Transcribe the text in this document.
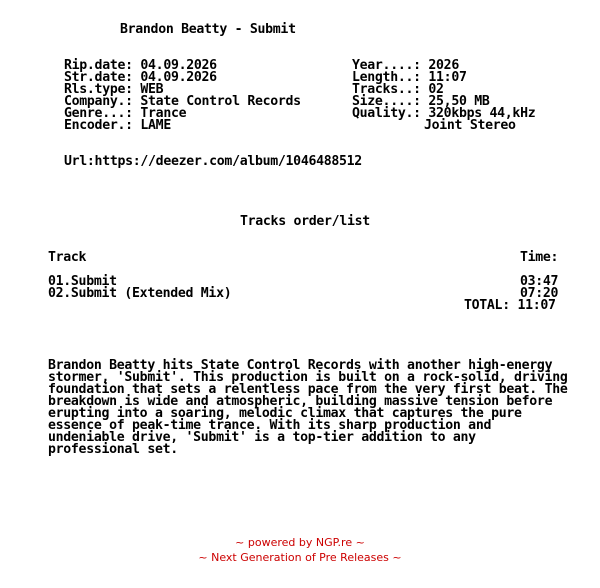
Brandon Beatty - Submit
Rip.date: 04.09.2026
Str.date: 04.09.2026
Rls.type: WEB
Company.: State Control Records
Genre...: Trance
Encoder.: LAME
Year....: 2026
Length..: 11:07
Tracks..: 02
Size....: 25,50 MB
Quality.: 320kbps 44,kHz
Joint Stereo
Url:https://deezer.com/album/1046488512
Tracks order/list
Track	Time:
01.Submit	03:47
02.Submit (Extended Mix)	07:20
TOTAL: 11:07
Brandon Beatty hits State Control Records with another high-energy
stormer, 'Submit'. This production is built on a rock-solid, driving
foundation that sets a relentless pace from the very first beat. The
breakdown is wide and atmospheric, building massive tension before
erupting into a soaring, melodic climax that captures the pure
essence of peak-time trance. With its sharp production and
undeniable drive, 'Submit' is a top-tier addition to any
professional set.
~ powered by NGP.re ~
~ Next Generation of Pre Releases ~
